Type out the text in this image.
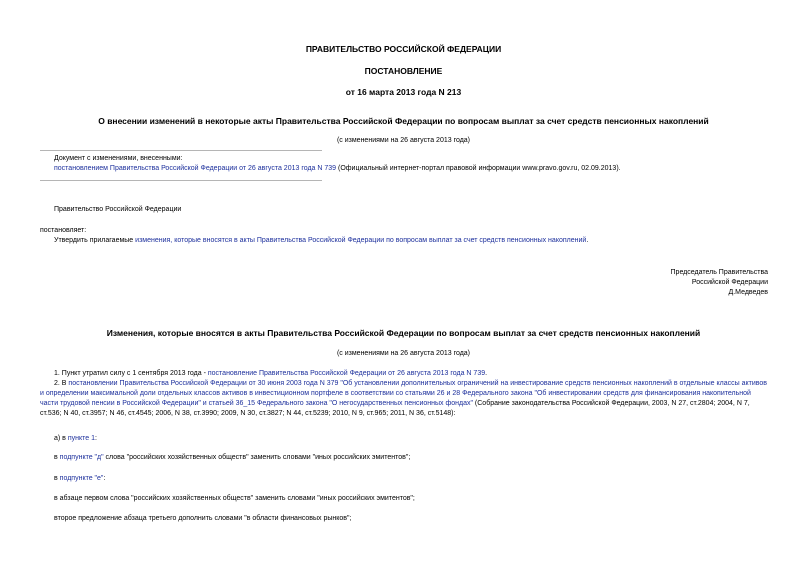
ПРАВИТЕЛЬСТВО РОССИЙСКОЙ ФЕДЕРАЦИИ
ПОСТАНОВЛЕНИЕ
от 16 марта 2013 года N 213
О внесении изменений в некоторые акты Правительства Российской Федерации по вопросам выплат за счет средств пенсионных накоплений
(с изменениями на 26 августа 2013 года)
Документ с изменениями, внесенными:
постановлением Правительства Российской Федерации от 26 августа 2013 года N 739 (Официальный интернет-портал правовой информации www.pravo.gov.ru, 02.09.2013).
Правительство Российской Федерации
постановляет:
Утвердить прилагаемые изменения, которые вносятся в акты Правительства Российской Федерации по вопросам выплат за счет средств пенсионных накоплений.
Председатель Правительства
Российской Федерации
Д.Медведев
Изменения, которые вносятся в акты Правительства Российской Федерации по вопросам выплат за счет средств пенсионных накоплений
(с изменениями на 26 августа 2013 года)
1. Пункт утратил силу с 1 сентября 2013 года - постановление Правительства Российской Федерации от 26 августа 2013 года N 739.
2. В постановлении Правительства Российской Федерации от 30 июня 2003 года N 379 "Об установлении дополнительных ограничений на инвестирование средств пенсионных накоплений в отдельные классы активов и определении максимальной доли отдельных классов активов в инвестиционном портфеле в соответствии со статьями 26 и 28 Федерального закона "Об инвестировании средств для финансирования накопительной части трудовой пенсии в Российской Федерации" и статьей 36_15 Федерального закона "О негосударственных пенсионных фондах" (Собрание законодательства Российской Федерации, 2003, N 27, ст.2804; 2004, N 7, ст.536; N 40, ст.3957; N 46, ст.4545; 2006, N 38, ст.3990; 2009, N 30, ст.3827; N 44, ст.5239; 2010, N 9, ст.965; 2011, N 36, ст.5148):
а) в пункте 1:
в подпункте "д" слова "российских хозяйственных обществ" заменить словами "иных российских эмитентов";
в подпункте "е":
в абзаце первом слова "российских хозяйственных обществ" заменить словами "иных российских эмитентов";
второе предложение абзаца третьего дополнить словами "в области финансовых рынков";
